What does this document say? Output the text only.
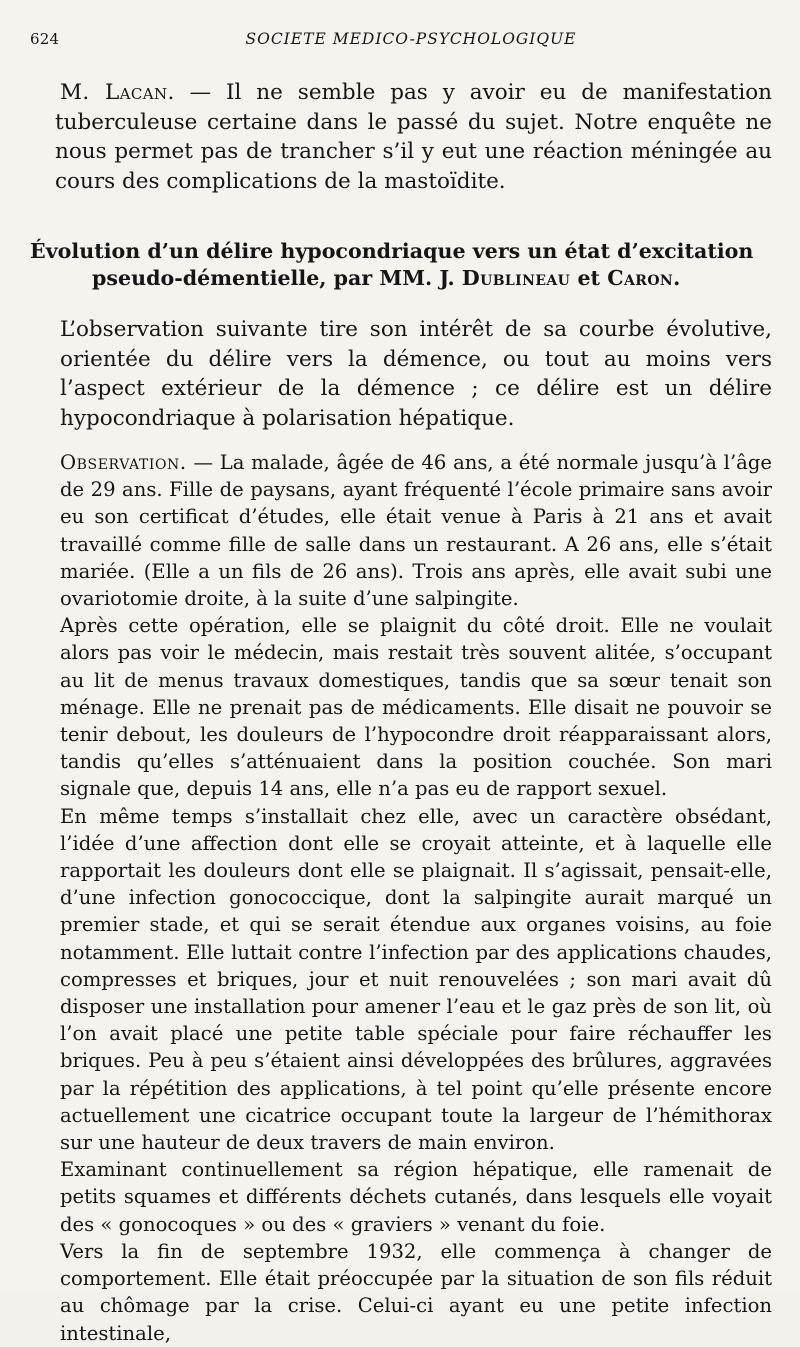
624	SOCIETE MEDICO-PSYCHOLOGIQUE
M. Lacan. — Il ne semble pas y avoir eu de manifestation tuberculeuse certaine dans le passé du sujet. Notre enquête ne nous permet pas de trancher s’il y eut une réaction méningée au cours des complications de la mastoïdite.
Évolution d’un délire hypocondriaque vers un état d’excitation
pseudo-démentielle, par MM. J. Dublineau et Caron.
L’observation suivante tire son intérêt de sa courbe évolutive, orientée du délire vers la démence, ou tout au moins vers l’aspect extérieur de la démence ; ce délire est un délire hypocondriaque à polarisation hépatique.
Observation. — La malade, âgée de 46 ans, a été normale jusqu’à l’âge de 29 ans. Fille de paysans, ayant fréquenté l’école primaire sans avoir eu son certificat d’études, elle était venue à Paris à 21 ans et avait travaillé comme fille de salle dans un restaurant. A 26 ans, elle s’était mariée. (Elle a un fils de 26 ans). Trois ans après, elle avait subi une ovariotomie droite, à la suite d’une salpingite.
Après cette opération, elle se plaignit du côté droit. Elle ne voulait alors pas voir le médecin, mais restait très souvent alitée, s’occupant au lit de menus travaux domestiques, tandis que sa sœur tenait son ménage. Elle ne prenait pas de médicaments. Elle disait ne pouvoir se tenir debout, les douleurs de l’hypocondre droit réapparaissant alors, tandis qu’elles s’atténuaient dans la position couchée. Son mari signale que, depuis 14 ans, elle n’a pas eu de rapport sexuel.
En même temps s’installait chez elle, avec un caractère obsédant, l’idée d’une affection dont elle se croyait atteinte, et à laquelle elle rapportait les douleurs dont elle se plaignait. Il s’agissait, pensait-elle, d’une infection gonococcique, dont la salpingite aurait marqué un premier stade, et qui se serait étendue aux organes voisins, au foie notamment. Elle luttait contre l’infection par des applications chaudes, compresses et briques, jour et nuit renouvelées ; son mari avait dû disposer une installation pour amener l’eau et le gaz près de son lit, où l’on avait placé une petite table spéciale pour faire réchauffer les briques. Peu à peu s’étaient ainsi développées des brûlures, aggravées par la répétition des applications, à tel point qu’elle présente encore actuellement une cicatrice occupant toute la largeur de l’hémithorax sur une hauteur de deux travers de main environ.
Examinant continuellement sa région hépatique, elle ramenait de petits squames et différents déchets cutanés, dans lesquels elle voyait des « gonocoques » ou des « graviers » venant du foie.
Vers la fin de septembre 1932, elle commença à changer de comportement. Elle était préoccupée par la situation de son fils réduit au chômage par la crise. Celui-ci ayant eu une petite infection intestinale,
